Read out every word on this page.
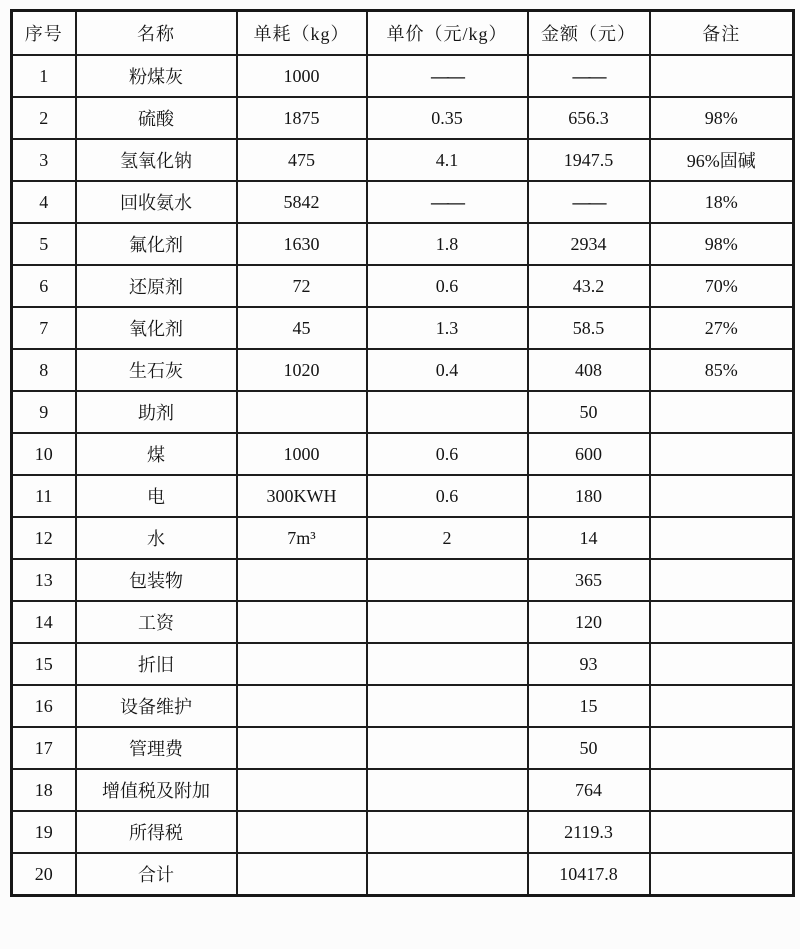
序号	名称	单耗（kg）	单价（元/kg）	金额（元）	备注
1	粉煤灰	1000	——	——	
2	硫酸	1875	0.35	656.3	98%
3	氢氧化钠	475	4.1	1947.5	96%固碱
4	回收氨水	5842	——	——	18%
5	氟化剂	1630	1.8	2934	98%
6	还原剂	72	0.6	43.2	70%
7	氧化剂	45	1.3	58.5	27%
8	生石灰	1020	0.4	408	85%
9	助剂			50	
10	煤	1000	0.6	600	
11	电	300KWH	0.6	180	
12	水	7m³	2	14	
13	包装物			365	
14	工资			120	
15	折旧			93	
16	设备维护			15	
17	管理费			50	
18	增值税及附加			764	
19	所得税			2119.3	
20	合计			10417.8	
